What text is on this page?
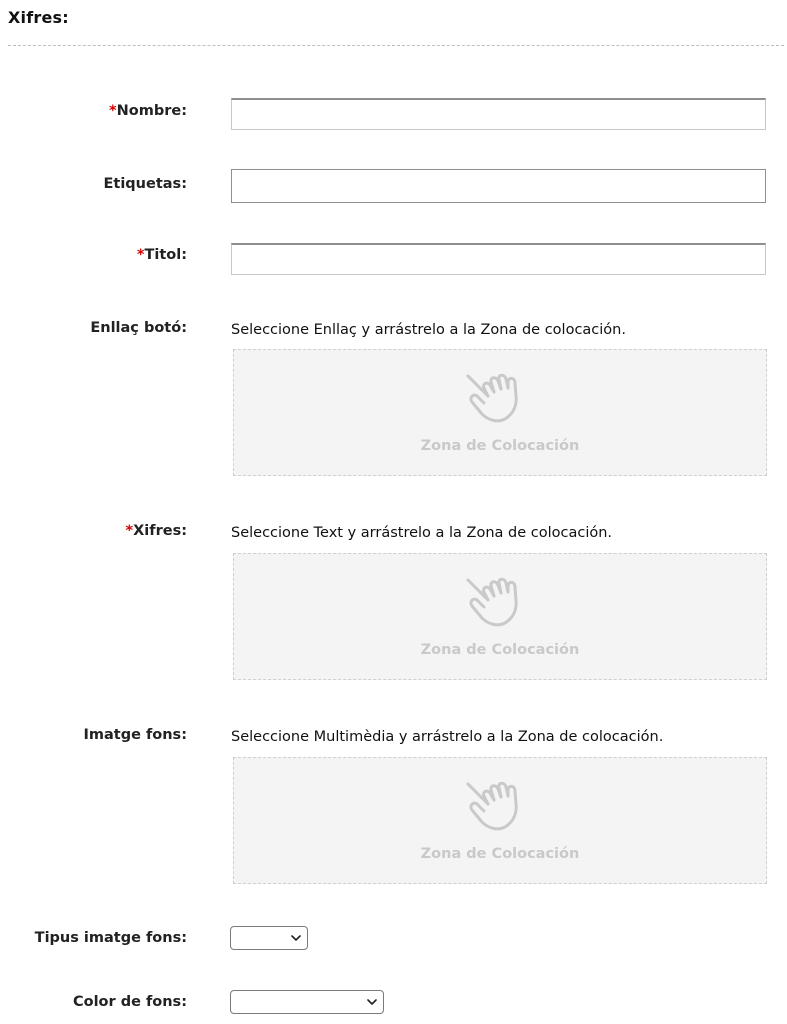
Xifres:
*Nombre:
Etiquetas:
*Titol:
Enllaç botó:	Seleccione Enllaç y arrástrelo a la Zona de colocación.
Zona de Colocación
*Xifres:	Seleccione Text y arrástrelo a la Zona de colocación.
Zona de Colocación
Imatge fons:	Seleccione Multimèdia y arrástrelo a la Zona de colocación.
Zona de Colocación
Tipus imatge fons:
Color de fons:
